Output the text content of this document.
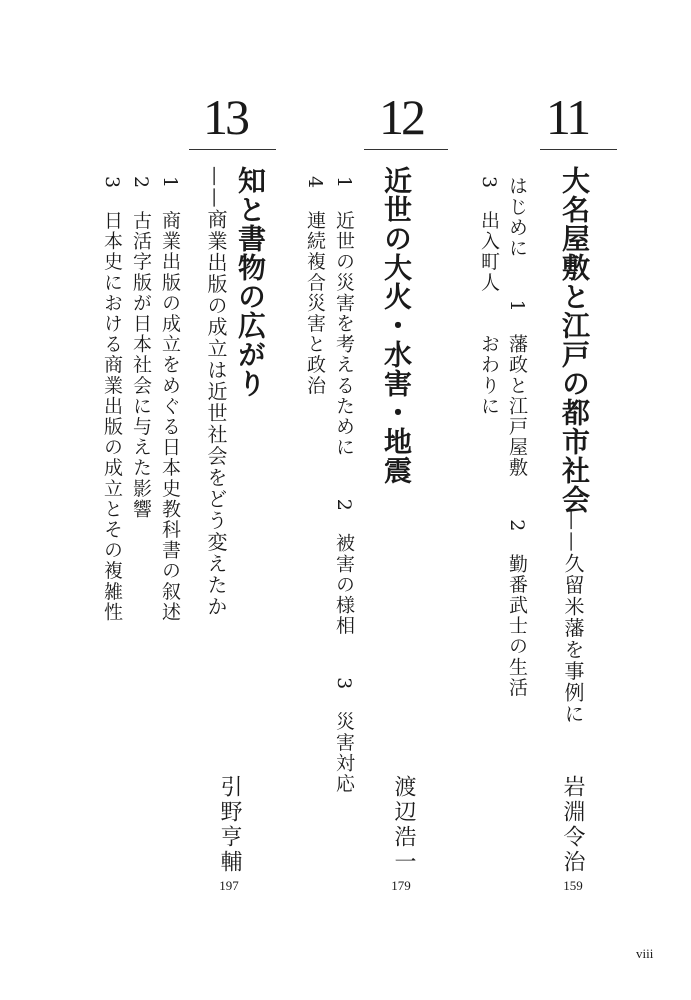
11
大名屋敷と江戸の都市社会
——久留米藩を事例に
はじめに　　1　藩政と江戸屋敷　　2　勤番武士の生活
3　出入町人　　おわりに
岩淵令治
159
12
近世の大火・水害・地震
1　近世の災害を考えるために　　2　被害の様相　　3　災害対応
4　連続複合災害と政治
渡辺浩一
179
13
知と書物の広がり
——商業出版の成立は近世社会をどう変えたか
1　商業出版の成立をめぐる日本史教科書の叙述
2　古活字版が日本社会に与えた影響
3　日本史における商業出版の成立とその複雑性
引野亨輔
197
viii
